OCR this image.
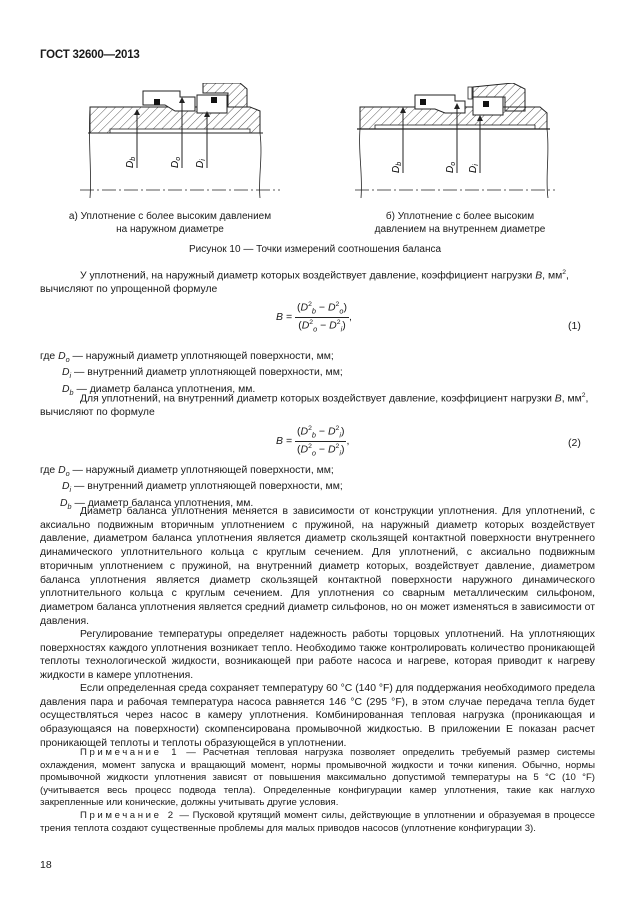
ГОСТ 32600—2013
$D_b$
$D_o$
$D_i$
а) Уплотнение с более высоким давлением
на наружном диаметре
$D_b$
$D_o$
$D_i$
б) Уплотнение с более высоким
давлением на внутреннем диаметре
Рисунок 10 — Точки измерений соотношения баланса
У уплотнений, на наружный диаметр которых воздействует давление, коэффициент нагрузки B, $мм^2$,
вычисляют по упрощенной формуле
$B = \frac{(D^2_b - D^2_o)}{(D^2_o - D^2_i)}$ ,
(1)
где $D_o$ — наружный диаметр уплотняющей поверхности, мм;
$D_i$ — внутренний диаметр уплотняющей поверхности, мм;
$D_b$ — диаметр баланса уплотнения, мм.
Для уплотнений, на внутренний диаметр которых воздействует давление, коэффициент нагрузки B, $мм^2$,
вычисляют по формуле
$B = \frac{(D^2_b - D^2_i)}{(D^2_o - D^2_i)}$ ,	(2)
где $D_o$ — наружный диаметр уплотняющей поверхности, мм;
$D_i$ — внутренний диаметр уплотняющей поверхности, мм;
$D_b$ — диаметр баланса уплотнения, мм.
Диаметр баланса уплотнения меняется в зависимости от конструкции уплотнения. Для уплотнений, с аксиально подвижным вторичным уплотнением с пружиной, на наружный диаметр которых воздействует давление, диаметром баланса уплотнения является диаметр скользящей контактной поверхности внутреннего динамического уплотнительного кольца с круглым сечением. Для уплотнений, с аксиально подвижным вторичным уплотнением с пружиной, на внутренний диаметр которых, воздействует давление, диаметром баланса уплотнения является диаметр скользящей контактной поверхности наружного динамического уплотнительного кольца с круглым сечением. Для уплотнения со сварным металлическим сильфоном, диаметром баланса уплотнения является средний диаметр сильфонов, но он может изменяться в зависимости от давления.
Регулирование температуры определяет надежность работы торцовых уплотнений. На уплотняющих поверхностях каждого уплотнения возникает тепло. Необходимо также контролировать количество проникающей теплоты технологической жидкости, возникающей при работе насоса и нагреве, которая приводит к нагреву жидкости в камере уплотнения.
Если определенная среда сохраняет температуру 60 °С (140 °F) для поддержания необходимого предела давления пара и рабочая температура насоса равняется 146 °С (295 °F), в этом случае передача тепла будет осуществляться через насос в камеру уплотнения. Комбинированная тепловая нагрузка (проникающая и образующаяся на поверхности) скомпенсирована промывочной жидкостью. В приложении Е показан расчет проникающей теплоты и теплоты образующейся в уплотнении.
Примечание 1 — Расчетная тепловая нагрузка позволяет определить требуемый размер системы охлаждения, момент запуска и вращающий момент, нормы промывочной жидкости и точки кипения. Обычно, нормы промывочной жидкости уплотнения зависят от повышения максимально допустимой температуры на 5 °С (10 °F) (учитывается весь процесс подвода тепла). Определенные конфигурации камер уплотнения, такие как наглухо закрепленные или конические, должны учитывать другие условия.
Примечание 2 — Пусковой крутящий момент силы, действующие в уплотнении и образуемая в процессе трения теплота создают существенные проблемы для малых приводов насосов (уплотнение конфигурации 3).
18
